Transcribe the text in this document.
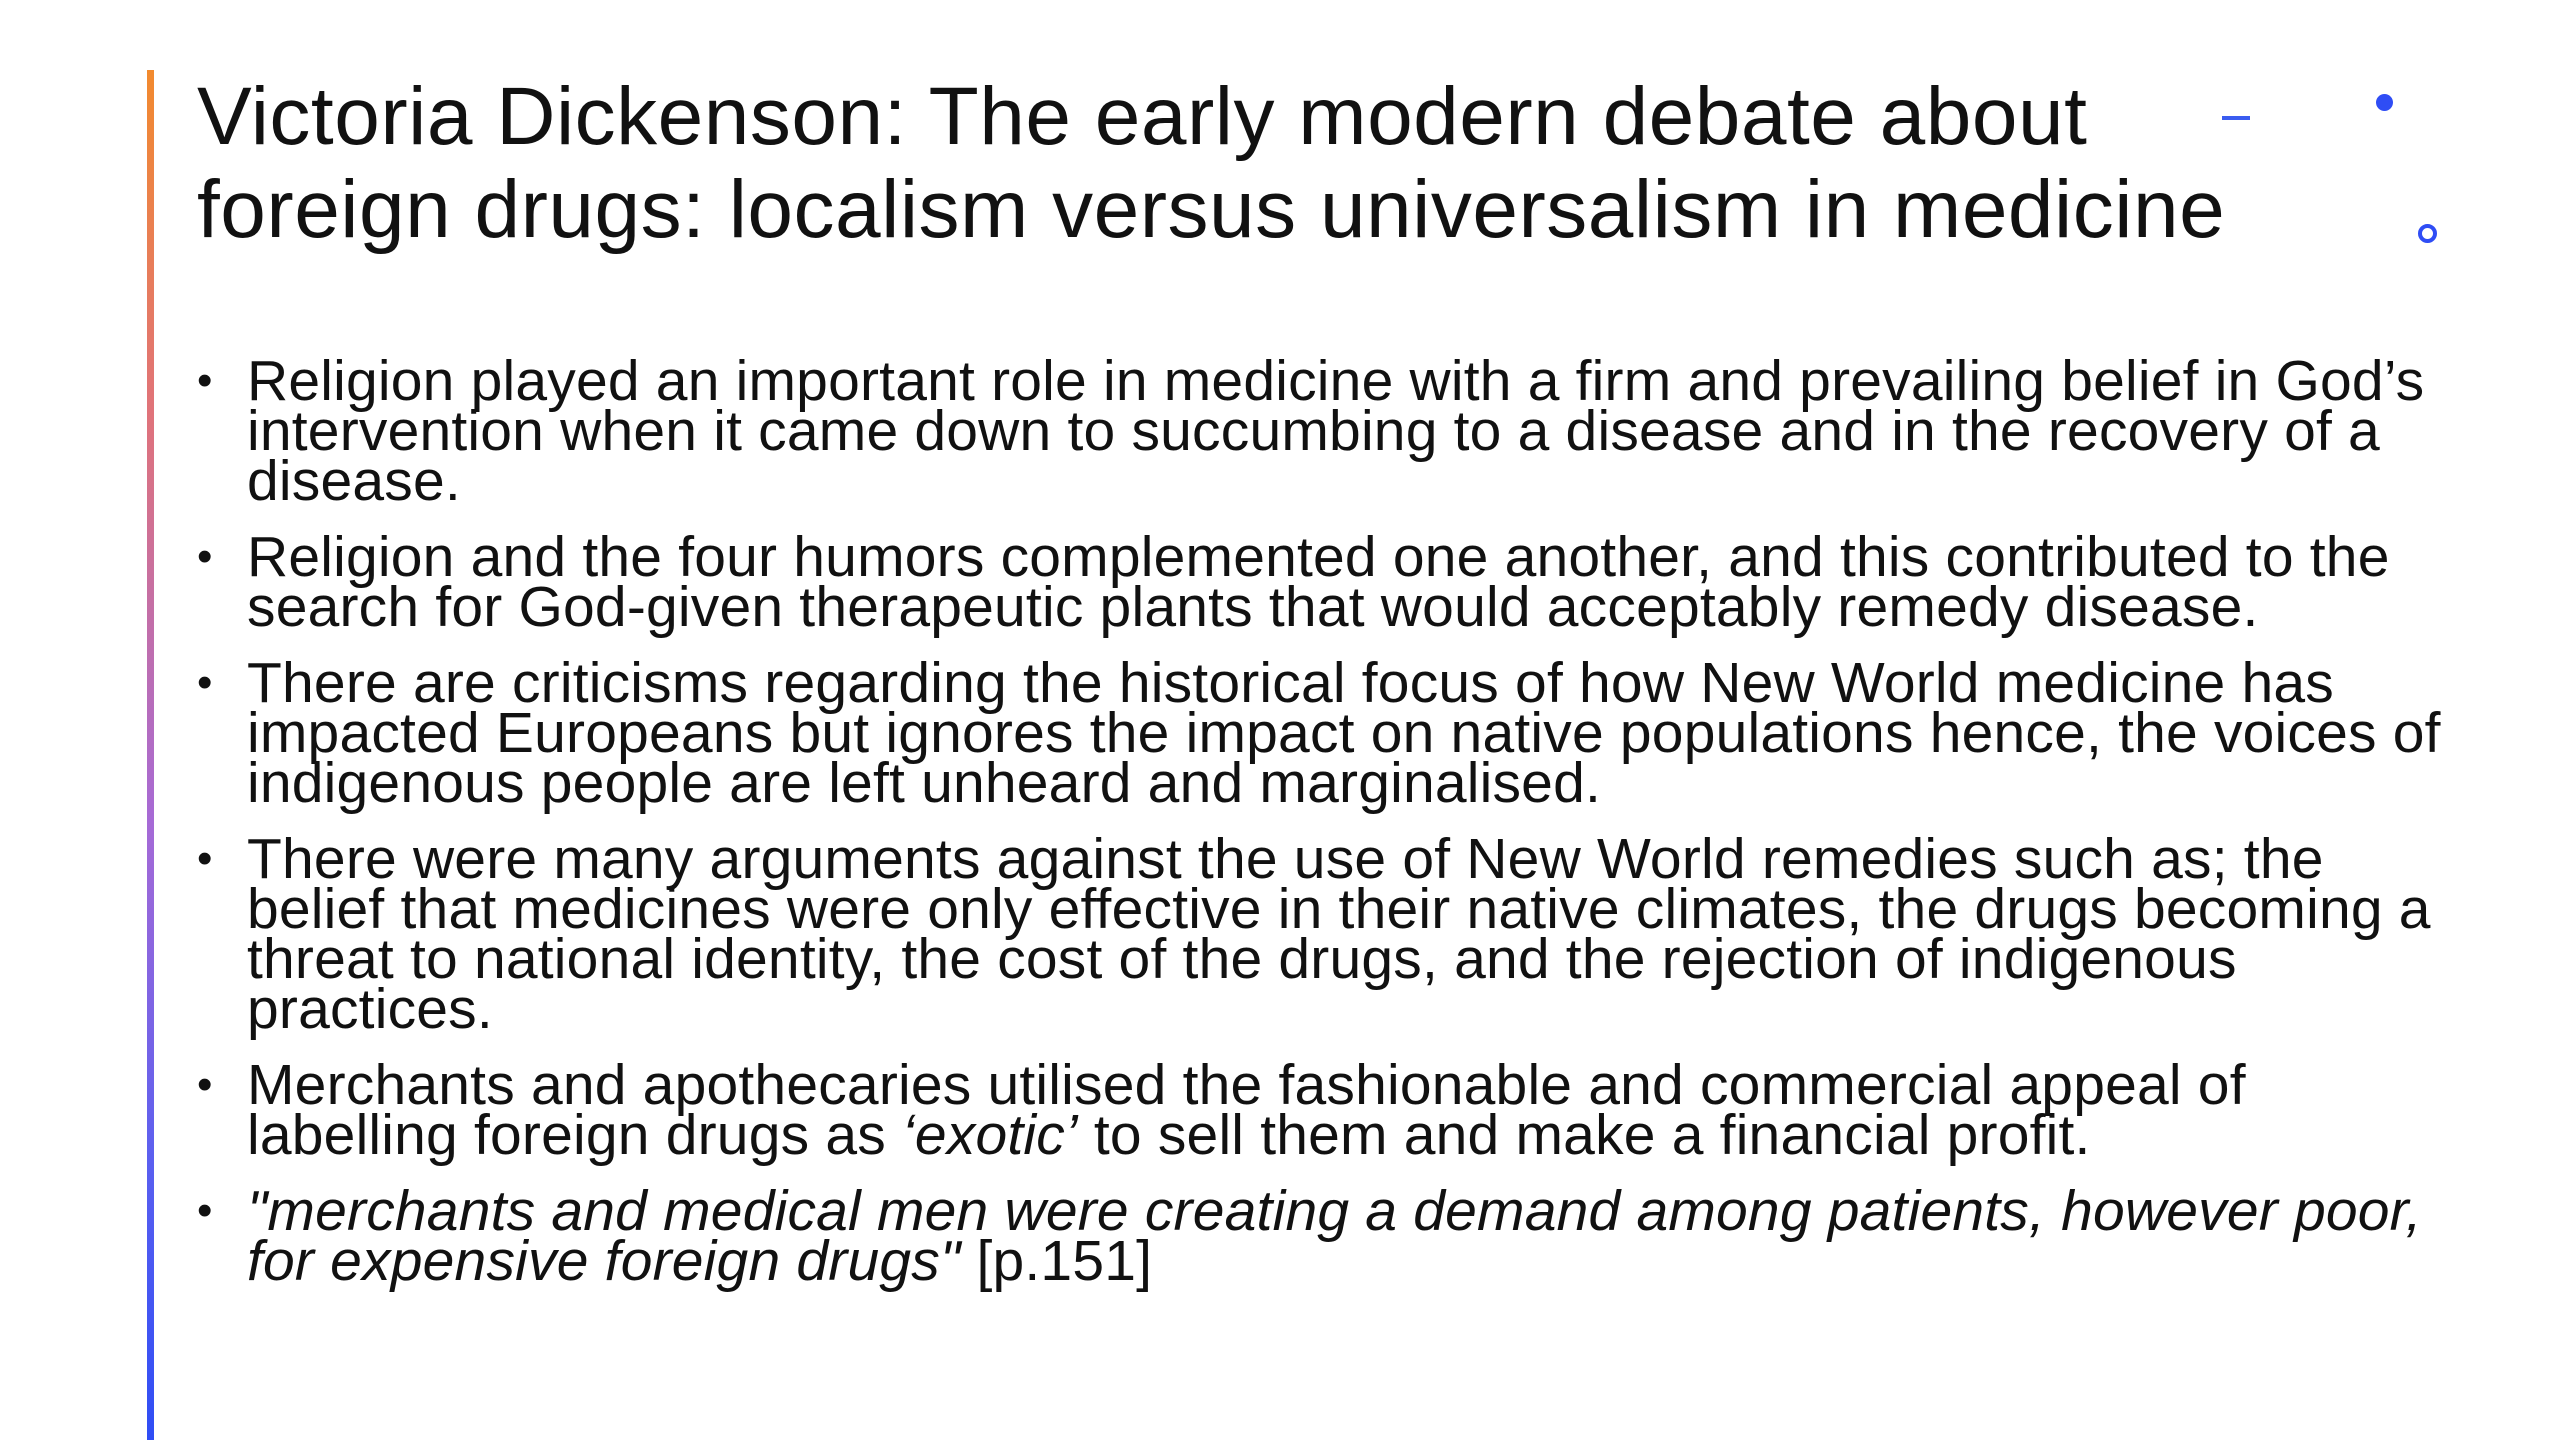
Victoria Dickenson: The early modern debate about foreign drugs: localism versus universalism in medicine
• Religion played an important role in medicine with a firm and prevailing belief in God’s intervention when it came down to succumbing to a disease and in the recovery of a disease.
• Religion and the four humors complemented one another, and this contributed to the search for God-given therapeutic plants that would acceptably remedy disease.
• There are criticisms regarding the historical focus of how New World medicine has impacted Europeans but ignores the impact on native populations hence, the voices of indigenous people are left unheard and marginalised.
• There were many arguments against the use of New World remedies such as; the belief that medicines were only effective in their native climates, the drugs becoming a threat to national identity, the cost of the drugs, and the rejection of indigenous practices.
• Merchants and apothecaries utilised the fashionable and commercial appeal of labelling foreign drugs as ‘exotic’ to sell them and make a financial profit.
• "merchants and medical men were creating a demand among patients, however poor, for expensive foreign drugs" [p.151]
